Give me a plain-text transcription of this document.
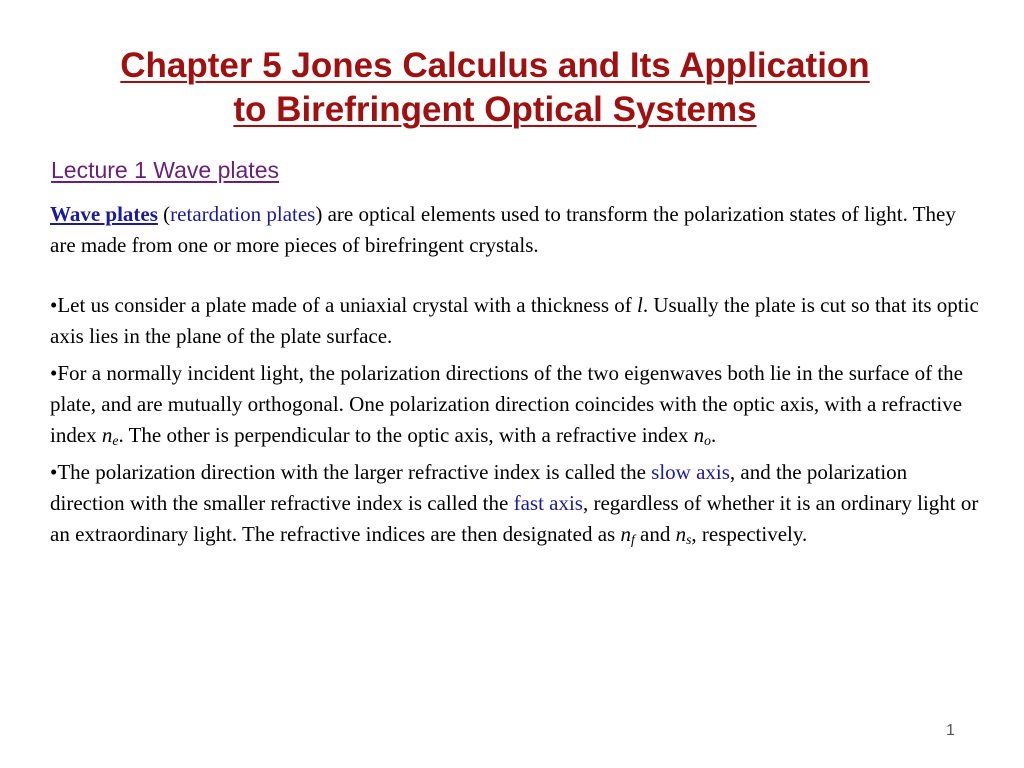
Chapter 5 Jones Calculus and Its Application
to Birefringent Optical Systems
Lecture 1 Wave plates

Wave plates (retardation plates) are optical elements used to transform the polarization states of light. They are made from one or more pieces of birefringent crystals.

•Let us consider a plate made of a uniaxial crystal with a thickness of l. Usually the plate is cut so that its optic axis lies in the plane of the plate surface.

•For a normally incident light, the polarization directions of the two eigenwaves both lie in the surface of the plate, and are mutually orthogonal. One polarization direction coincides with the optic axis, with a refractive index $n_e$. The other is perpendicular to the optic axis, with a refractive index $n_o$.

•The polarization direction with the larger refractive index is called the slow axis, and the polarization direction with the smaller refractive index is called the fast axis, regardless of whether it is an ordinary light or an extraordinary light. The refractive indices are then designated as $n_f$ and $n_s$, respectively.

1
